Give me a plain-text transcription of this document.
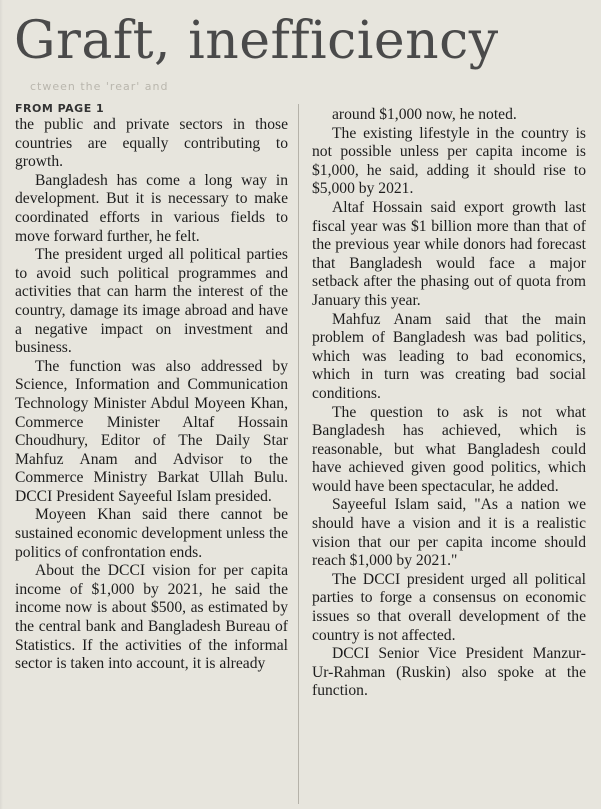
Graft, inefficiency
ctween the 'rear' and

FROM PAGE 1

the public and private sectors in those countries are equally contributing to growth.

Bangladesh has come a long way in development. But it is necessary to make coordinated efforts in various fields to move forward further, he felt.

The president urged all political parties to avoid such political programmes and activities that can harm the interest of the country, damage its image abroad and have a negative impact on investment and business.

The function was also addressed by Science, Information and Communication Technology Minister Abdul Moyeen Khan, Commerce Minister Altaf Hossain Choudhury, Editor of The Daily Star Mahfuz Anam and Advisor to the Commerce Ministry Barkat Ullah Bulu. DCCI President Sayeeful Islam presided.

Moyeen Khan said there cannot be sustained economic development unless the politics of confrontation ends.

About the DCCI vision for per capita income of $1,000 by 2021, he said the income now is about $500, as estimated by the central bank and Bangladesh Bureau of Statistics. If the activities of the informal sector is taken into account, it is already

around $1,000 now, he noted.

The existing lifestyle in the country is not possible unless per capita income is $1,000, he said, adding it should rise to $5,000 by 2021.

Altaf Hossain said export growth last fiscal year was $1 billion more than that of the previous year while donors had forecast that Bangladesh would face a major setback after the phasing out of quota from January this year.

Mahfuz Anam said that the main problem of Bangladesh was bad politics, which was leading to bad economics, which in turn was creating bad social conditions.

The question to ask is not what Bangladesh has achieved, which is reasonable, but what Bangladesh could have achieved given good politics, which would have been spectacular, he added.

Sayeeful Islam said, "As a nation we should have a vision and it is a realistic vision that our per capita income should reach $1,000 by 2021."

The DCCI president urged all political parties to forge a consensus on economic issues so that overall development of the country is not affected.

DCCI Senior Vice President Manzur-Ur-Rahman (Ruskin) also spoke at the function.
